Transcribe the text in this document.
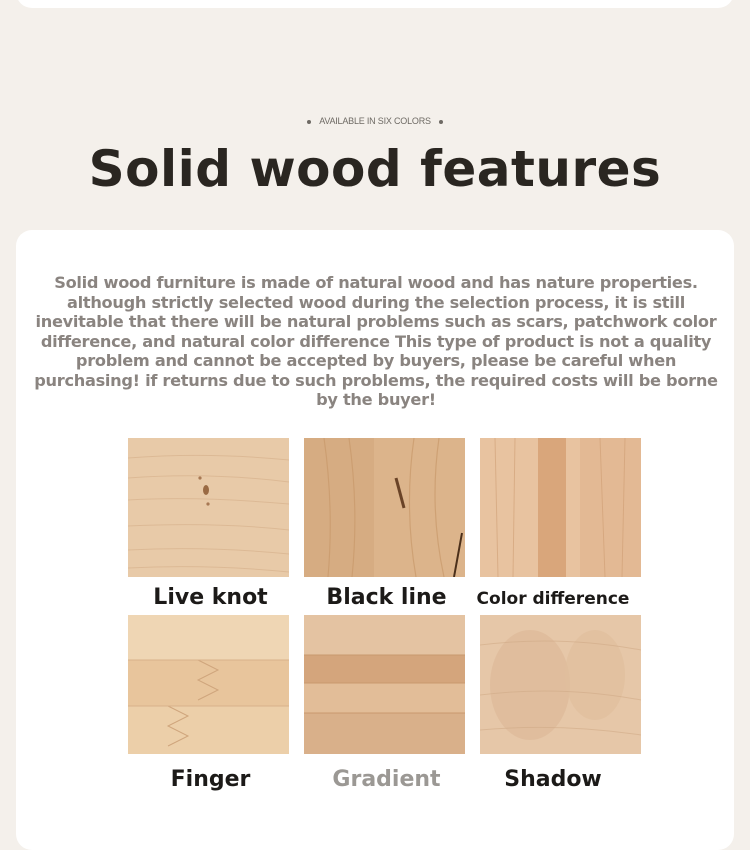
AVAILABLE IN SIX COLORS
Solid wood features

Solid wood furniture is made of natural wood and has nature properties. although strictly selected wood during the selection process, it is still inevitable that there will be natural problems such as scars, patchwork color difference, and natural color difference This type of product is not a quality problem and cannot be accepted by buyers, please be careful when purchasing! if returns due to such problems, the required costs will be borne by the buyer!

Live knot	Black line	Color difference
Finger	Gradient	Shadow
